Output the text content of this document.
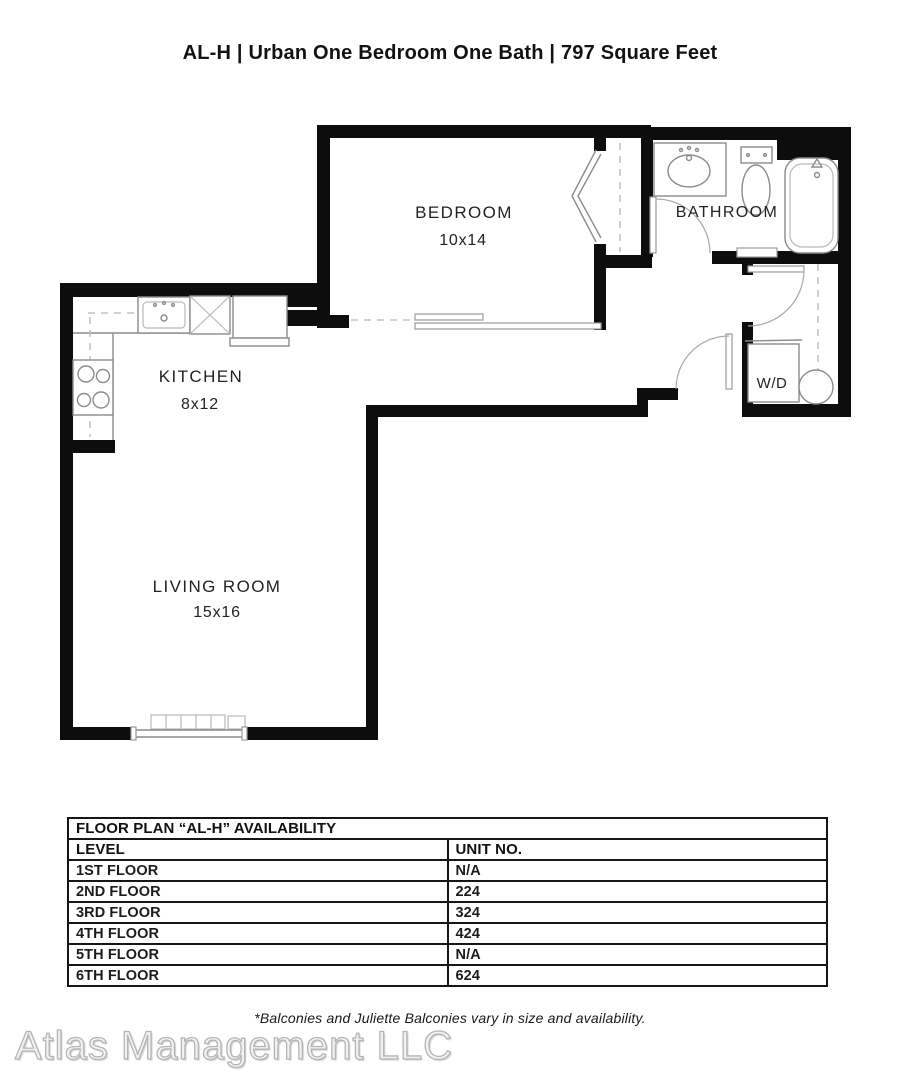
AL-H | Urban One Bedroom One Bath | 797 Square Feet
BEDROOM
10x14
BATHROOM
KITCHEN
8x12
LIVING ROOM
15x16
W/D
FLOOR PLAN “AL-H” AVAILABILITY	
LEVEL	UNIT NO.
1ST FLOOR	N/A
2ND FLOOR	224
3RD FLOOR	324
4TH FLOOR	424
5TH FLOOR	N/A
6TH FLOOR	624
*Balconies and Juliette Balconies vary in size and availability.
Atlas Management LLC
